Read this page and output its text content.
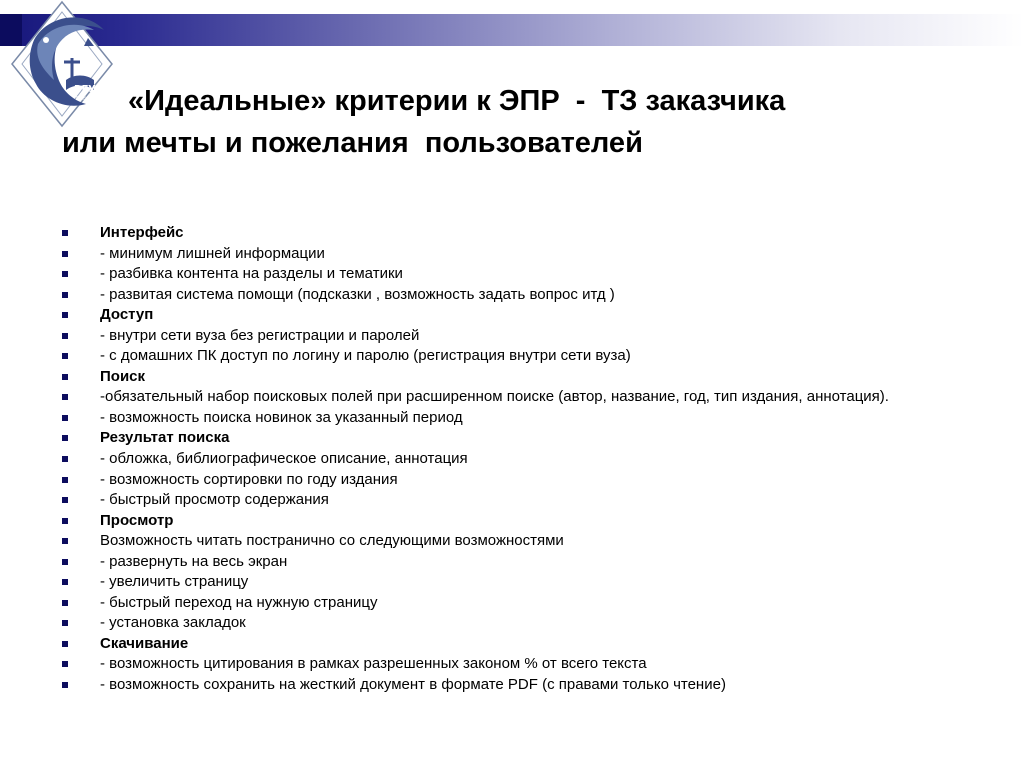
ВГУЭС
БИБЛИОТЕКА «Идеальные» критерии к ЭПР  -  ТЗ заказчика
или мечты и пожелания  пользователей
Интерфейс
- минимум лишней информации
- разбивка контента на разделы и тематики
- развитая система помощи (подсказки , возможность задать вопрос итд )
Доступ
- внутри сети вуза без регистрации и паролей
- с домашних ПК доступ по логину и паролю (регистрация внутри сети вуза)
Поиск
-обязательный набор поисковых полей при расширенном поиске (автор, название, год, тип издания, аннотация).
- возможность поиска новинок за указанный период
Результат поиска
- обложка, библиографическое описание, аннотация
- возможность сортировки по году издания
- быстрый просмотр содержания
Просмотр
Возможность читать постранично со следующими возможностями
- развернуть на весь экран
- увеличить страницу
- быстрый переход на нужную страницу
- установка закладок
Скачивание
- возможность цитирования в рамках разрешенных законом % от всего текста
- возможность сохранить на жесткий документ в формате PDF (с правами только чтение)
